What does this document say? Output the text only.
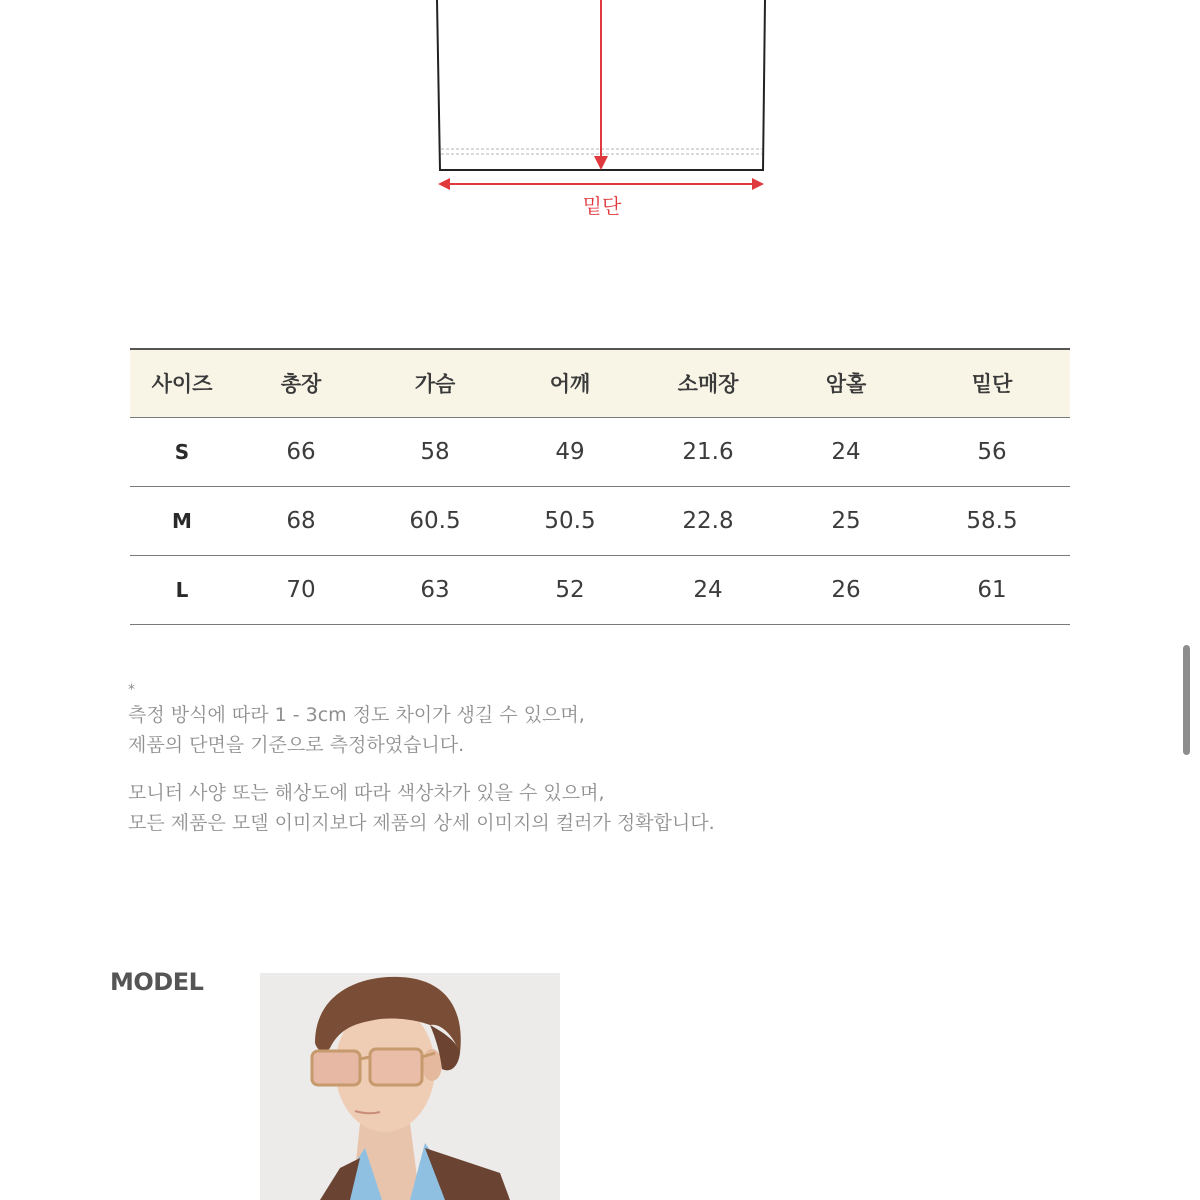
밑단
사이즈	총장	가슴	어깨	소매장	암홀	밑단
S	66	58	49	21.6	24	56
M	68	60.5	50.5	22.8	25	58.5
L	70	63	52	24	26	61
*

측정 방식에 따라 1 - 3cm 정도 차이가 생길 수 있으며,

제품의 단면을 기준으로 측정하였습니다.

모니터 사양 또는 해상도에 따라 색상차가 있을 수 있으며,

모든 제품은 모델 이미지보다 제품의 상세 이미지의 컬러가 정확합니다.

MODEL
